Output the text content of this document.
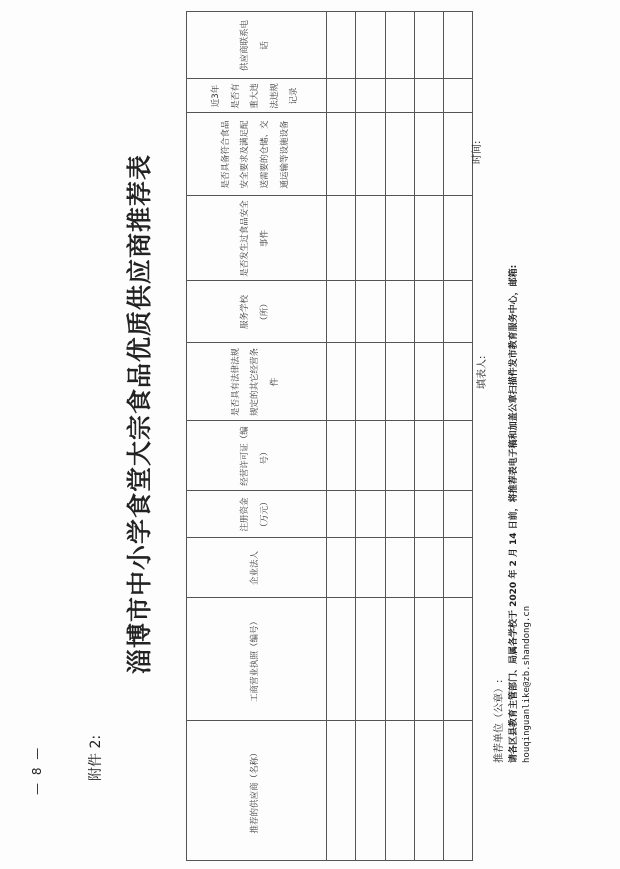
— 8 —	附件 2:
淄博市中小学食堂大宗食品优质供应商推荐表
推荐的供应商（名称）
工商营业执照（编号）
企业法人
注册资金（万元）
经营许可证（编号）
是否具有法律法规规定的其它经营条件
服务学校（所）
是否发生过食品安全事件
是否具备符合食品安全要求及满足配送需要的仓储、交通运输等设施设备
近3年是否有重大违法违规记录
供应商联系电话
填表人:
时间:
推荐单位（公章）: 请各区县教育主管部门、局属各学校于 2020 年 2 月 14 日前，将推荐表电子稿和加盖公章扫描件发市教育服务中心，邮箱: houqinguanlike@zb.shandong.cn
